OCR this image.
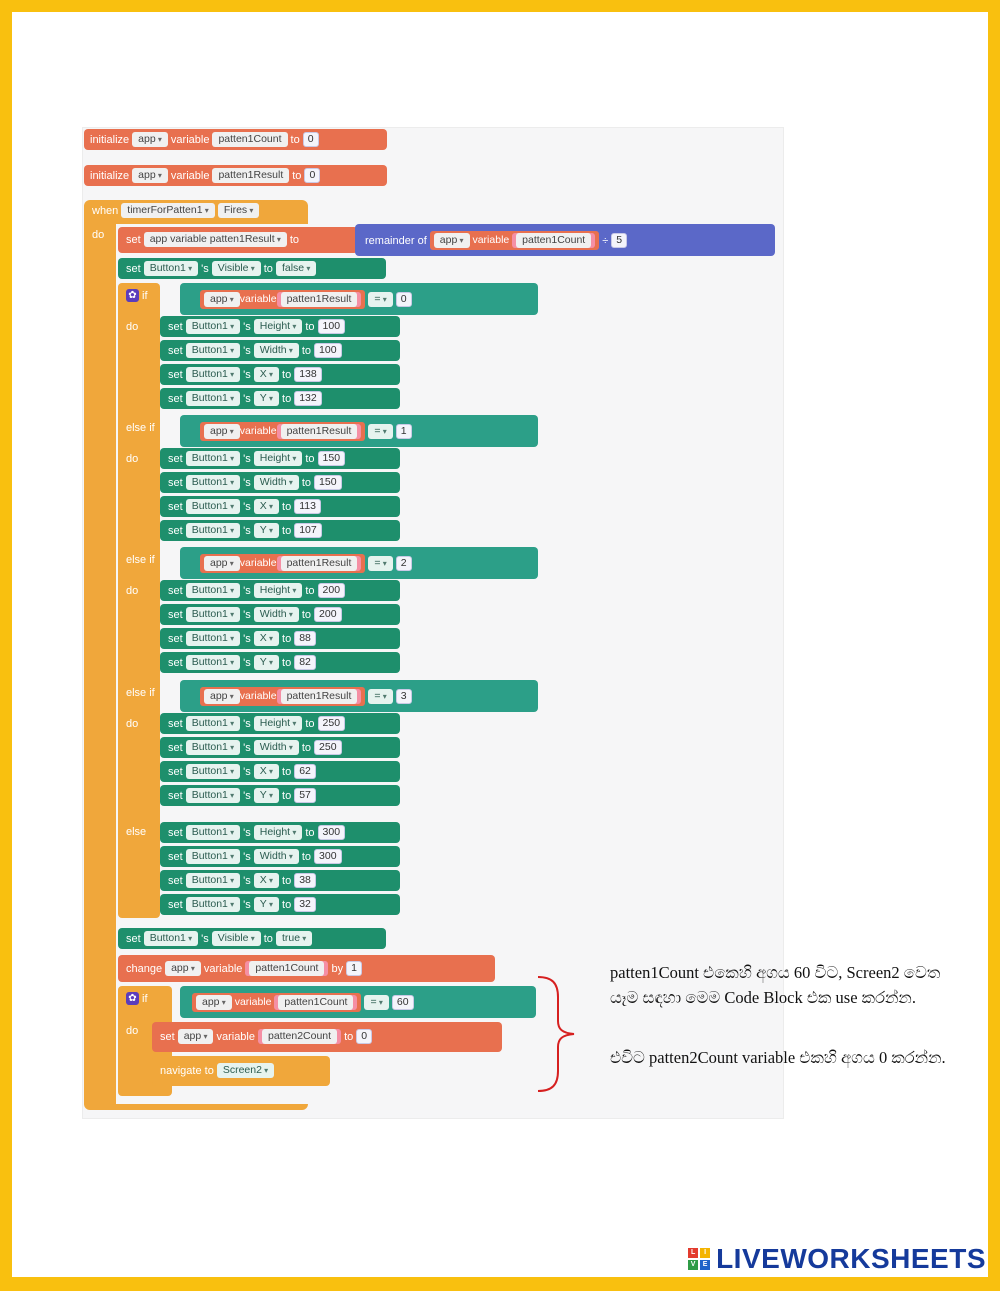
initialize app ▾	variable patten1Count to 0
initialize app ▾	variable patten1Result to 0
when timerForPatten1 ▾	Fires ▾
do set app variable patten1Result ▾	to	remainder of	app ▾ variable patten1Count	÷ 5
set Button1 ▾	's Visible ▾	to false ▾
✿ if	app ▾ variable patten1Result	= ▾	0
do	set Button1 ▾	's Height ▾	to 100
set Button1 ▾	's Width ▾	to 100
set Button1 ▾	's X ▾	to 138
set Button1 ▾	's Y ▾	to 132
else if	app ▾ variable patten1Result	= ▾	1
do	set Button1 ▾	's Height ▾	to 150
set Button1 ▾	's Width ▾	to 150
set Button1 ▾	's X ▾	to 113
set Button1 ▾	's Y ▾	to 107
else if	app ▾ variable patten1Result	= ▾	2
do	set Button1 ▾	's Height ▾	to 200
set Button1 ▾	's Width ▾	to 200
set Button1 ▾	's X ▾	to 88
set Button1 ▾	's Y ▾	to 82
else if	app ▾ variable patten1Result	= ▾	3
do	set Button1 ▾	's Height ▾	to 250
set Button1 ▾	's Width ▾	to 250
set Button1 ▾	's X ▾	to 62
set Button1 ▾	's Y ▾	to 57
else set Button1 ▾	's Height ▾	to 300
set Button1 ▾	's Width ▾	to 300
set Button1 ▾	's X ▾	to 38
set Button1 ▾	's Y ▾	to 32
set Button1 ▾	's Visible ▾	to true ▾
change app ▾	variable	patten1Count	by 1
✿ if	app ▾ variable patten1Count	= ▾	60
do set app ▾	variable	patten2Count	to 0
navigate to Screen2 ▾
patten1Count එකෙහි අගය 60 විට, Screen2 වෙත යෑම සඳහා මෙම Code Block එක use කරන්න.
එවිට patten2Count variable එකහි අගය 0 කරන්න.
L	I
V	E LIVEWORKSHEETS
